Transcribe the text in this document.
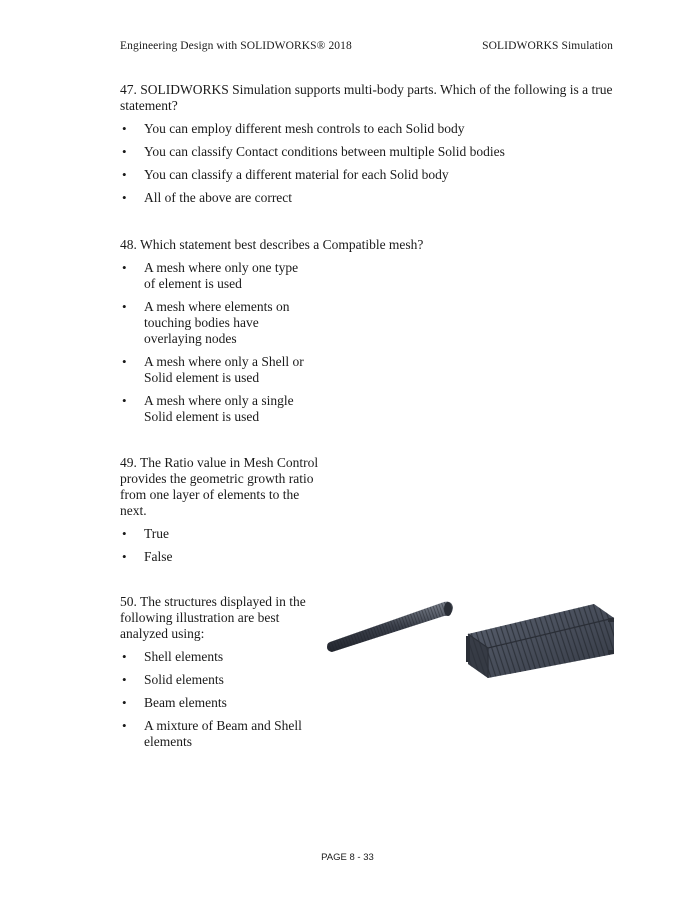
Engineering Design with SOLIDWORKS® 2018	SOLIDWORKS Simulation

47. SOLIDWORKS Simulation supports multi-body parts. Which of the following is a true statement?

• You can employ different mesh controls to each Solid body
• You can classify Contact conditions between multiple Solid bodies
• You can classify a different material for each Solid body
• All of the above are correct

48. Which statement best describes a Compatible mesh?

• A mesh where only one type of element is used
• A mesh where elements on touching bodies have overlaying nodes
• A mesh where only a Shell or Solid element is used
• A mesh where only a single Solid element is used

49. The Ratio value in Mesh Control provides the geometric growth ratio from one layer of elements to the next.

• True
• False

50. The structures displayed in the following illustration are best analyzed using:

• Shell elements
• Solid elements
• Beam elements
• A mixture of Beam and Shell elements
PAGE 8 - 33
